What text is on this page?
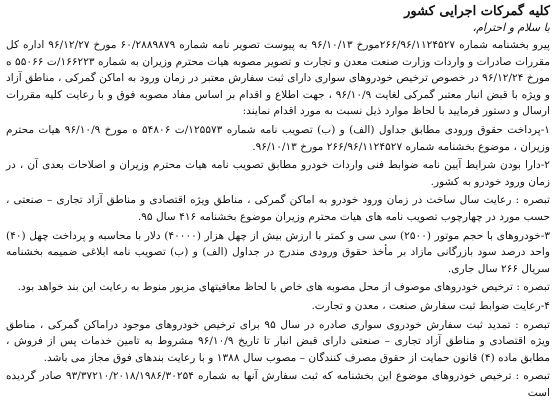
کلیه گمرکات اجرایی کشور

با سلام و احترام،

پیرو بخشنامه شماره ۲۶۶/۹۶/۱۱۲۴۵۲۷مورخ ۹۶/۱۰/۱۳ به پیوست تصویر نامه شماره ۶۰/۲۸۸۹۸۷۹ مورخ ۹۶/۱۲/۲۷ اداره کل مقررات صادرات و واردات وزارت صنعت معدن و تجارت و تصویر مصوبه هیات محترم وزیران به شماره ۱۶۶۲۲۳/ت ۵۵۰۶۶ ه مورخ ۹۶/۱۲/۲۴ در خصوص ترخیص خودروهای سواری دارای ثبت سفارش معتبر در زمان ورود به اماکن گمرکی ، مناطق آزاد و ویژه با قبض انبار معتبر گمرکی لغایت ۹۶/۱۰/۹ ، جهت اطلاع و اقدام بر اساس مفاد مصوبه فوق و با رعایت کلیه مقررات ارسال و دستور فرمایید با لحاظ موارد ذیل نسبت به مورد اقدام نمایند:

۱-پرداخت حقوق ورودی مطابق جداول (الف) و (ب) تصویب نامه شماره ۱۲۵۵۷۳/ت ۵۴۸۰۶ ه مورخ ۹۶/۱۰/۹ هیات محترم وزیران ، موضوع بخشنامه شماره ۲۶۶/۹۶/۱۱۲۴۵۲۷ مورخ ۹۶/۱۰/۱۳.

۲-دارا بودن شرایط آیین نامه ضوابط فنی واردات خودرو مطابق تصویب نامه هیات محترم وزیران و اصلاحات بعدی آن ، در زمان ورود خودرو به کشور.

تبصره : رعایت سال ساخت در زمان ورود خودرو به اماکن گمرکی ، مناطق ویژه اقتصادی و مناطق آزاد تجاری – صنعتی ، حسب مورد در چهارچوب تصویب نامه های هیات محترم وزیران موضوع بخشنامه ۴۱۶ سال ۹۵.

۳-خودروهای با حجم موتور (۲۵۰۰) سی سی و کمتر با ارزش بیش از چهل هزار (۴۰۰۰۰) دلار با محاسبه و پرداخت چهل (۴۰) واحد درصد سود بازرگانی مازاد بر مأخذ حقوق ورودی مندرج در جداول (الف) و (ب) تصویب نامه ابلاغی ضمیمه بخشنامه سریال ۲۶۶ سال جاری.

تبصره : ترخیص خودروهای موصوف از محل مصوبه های خاص با لحاظ معافیتهای مزبور منوط به رعایت این بند خواهد بود.

۴-رعایت ضوابط ثبت سفارش صنعت ، معدن و تجارت.

تبصره : تمدید ثبت سفارش خودروی سواری صادره در سال ۹۵ برای ترخیص خودروهای موجود دراماکن گمرکی ، مناطق ویژه اقتصادی و مناطق آزاد تجاری – صنعتی دارای قبض انبار تا تاریخ ۹۶/۱۰/۹ مشروط به تامین خدمات پس از فروش ، مطابق ماده (۴) قانون حمایت از حقوق مصرف کنندگان – مصوب سال ۱۳۸۸ و با رعایت بندهای فوق مجاز می باشد.

تبصره : ترخیص خودروهای موضوع این بخشنامه که ثبت سفارش آنها به شماره ۹۳/۳۷۲۱۰/۲۰۱۸/۱۹۸۶/۳۰۲۵۴ صادر گردیده است
